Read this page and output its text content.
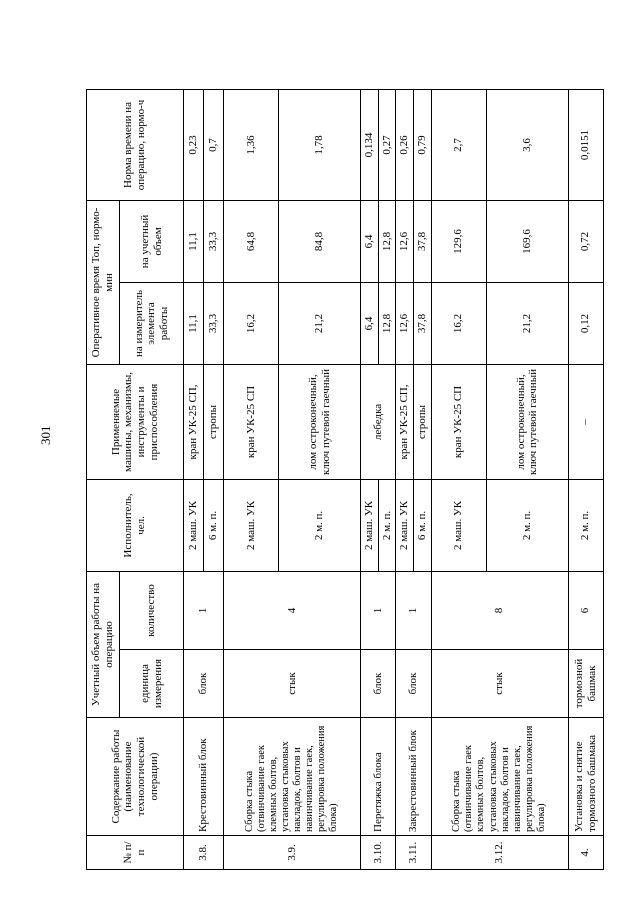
301
№ п/п	Содержание работы (наименование технологической операции)	Учетный объем работы на операцию		Исполнитель, чел.	Применяемые машины, механизмы, инструменты и приспособления	Оперативное время Топ, нормо-мин		Норма времени на операцию, нормо-ч
		единица измерения	количество			на измеритель элемента работы	на учетный объем	
3.8.	Крестовинный блок	блок	1	2 маш. УК	кран УК-25 СП,	11,1	11,1	0,23
				6 м. п.	стропы	33,3	33,3	0,7
3.9.	Сборка стыка (отвинчивание гаек клемных болтов, установка стыковых накладок, болтов и навинчивание гаек, регулировка положения блока)	стык	4	2 маш. УК	кран УК-25 СП	16,2	64,8	1,36
				2 м. п.	лом остроконечный, ключ путевой гаечный	21,2	84,8	1,78
3.10.	Перетяжка блока	блок	1	2 маш. УК	лебедка	6,4	6,4	0,134
				2 м. п.		12,8	12,8	0,27
3.11.	Закрестовинный блок	блок	1	2 маш. УК	кран УК-25 СП,	12,6	12,6	0,26
				6 м. п.	стропы	37,8	37,8	0,79
3.12.	Сборка стыка (отвинчивание гаек клемных болтов, установка стыковых накладок, болтов и навинчивание гаек, регулировка положения блока)	стык	8	2 маш. УК	кран УК-25 СП	16,2	129,6	2,7
				2 м. п.	лом остроконечный, ключ путевой гаечный	21,2	169,6	3,6
4.	Установка и снятие тормозного башмака	тормозной башмак	6	2 м. п.	–	0,12	0,72	0,0151
